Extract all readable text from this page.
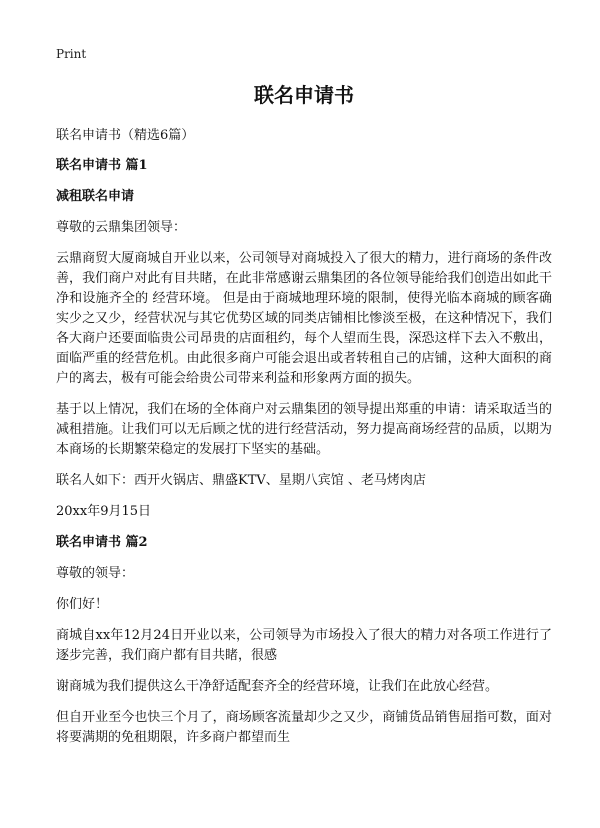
Print
联名申请书

联名申请书（精选6篇）

联名申请书 篇1

减租联名申请

尊敬的云鼎集团领导：

云鼎商贸大厦商城自开业以来，公司领导对商城投入了很大的精力，进行商场的条件改善，我们商户对此有目共睹，在此非常感谢云鼎集团的各位领导能给我们创造出如此干净和设施齐全的 经营环境。 但是由于商城地理环境的限制，使得光临本商城的顾客确实少之又少，经营状况与其它优势区域的同类店铺相比惨淡至极，在这种情况下，我们各大商户还要面临贵公司昂贵的店面租约，每个人望而生畏，深恐这样下去入不敷出，面临严重的经营危机。由此很多商户可能会退出或者转租自己的店铺，这种大面积的商户的离去，极有可能会给贵公司带来利益和形象两方面的损失。

基于以上情况，我们在场的全体商户对云鼎集团的领导提出郑重的申请：请采取适当的减租措施。让我们可以无后顾之忧的进行经营活动，努力提高商场经营的品质，以期为本商场的长期繁荣稳定的发展打下坚实的基础。

联名人如下：西开火锅店、鼎盛KTV、星期八宾馆 、老马烤肉店

20xx年9月15日

联名申请书 篇2

尊敬的领导：

你们好！

商城自xx年12月24日开业以来，公司领导为市场投入了很大的精力对各项工作进行了逐步完善，我们商户都有目共睹，很感

谢商城为我们提供这么干净舒适配套齐全的经营环境，让我们在此放心经营。

但自开业至今也快三个月了，商场顾客流量却少之又少，商铺货品销售屈指可数，面对将要满期的免租期限，许多商户都望而生
